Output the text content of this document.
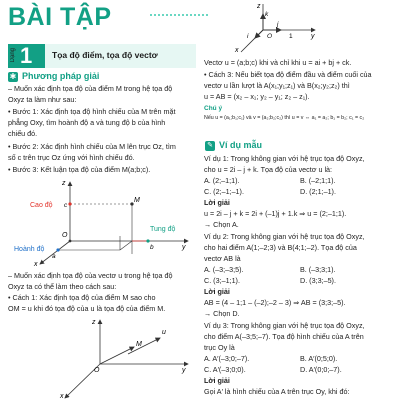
BÀI TẬP
Dạng 1 Tọa độ điểm, tọa độ vectơ
✱ Phương pháp giải
– Muốn xác định tọa độ của điểm M trong hệ tọa độ
Oxyz ta làm như sau:
• Bước 1: Xác định tọa độ hình chiếu của M trên mặt
phẳng Oxy, tìm hoành độ a và tung độ b của hình
chiếu đó.
• Bước 2: Xác định hình chiếu của M lên trục Oz, tìm
số c trên trục Oz ứng với hình chiếu đó.
• Bước 3: Kết luận tọa độ của điểm M(a;b;c).
z
y
x
O
M
c
b
a
Cao độ
Tung độ
Hoành độ
– Muốn xác định tọa độ của vectơ u trong hệ tọa độ
Oxyz ta có thể làm theo cách sau:
• Cách 1: Xác định tọa độ của điểm M sao cho
OM = u khi đó tọa độ của u là tọa độ của điểm M.
u
M
z
y
O
x
z
k
j
i	O	y
x
1
Vectơ u = (a;b;c) khi và chỉ khi u = ai + bj + ck.
• Cách 3: Nếu biết tọa độ điểm đầu và điểm cuối của
vectơ u lần lượt là A(x₁;y₁;z₁) và B(x₂;y₂;z₂) thì
u = AB = (x₂ – x₁; y₂ – y₁; z₂ – z₁).
Chú ý
Nếu u = (a₁;b₁;c₁) và v = (a₂;b₂;c₂) thì u = v ⇔ a₁ = a₂; b₁ = b₂; c₁ = c₂
✎ Ví dụ mẫu
Ví dụ 1: Trong không gian với hệ trục tọa độ Oxyz,
cho u = 2i – j + k. Tọa độ của vectơ u là:
A. (2;–1;1).	B. (–2;1;1).
C. (2;–1;–1).	D. (2;1;–1).
Lời giải
u = 2i – j + k = 2i + (–1)j + 1.k ⇒ u = (2;–1;1).
→ Chọn A.
Ví dụ 2: Trong không gian với hệ trục tọa độ Oxyz,
cho hai điểm A(1;–2;3) và B(4;1;–2). Tọa độ của
vectơ AB là
A. (–3;–3;5).	B. (–3;3;1).
C. (3;–1;1).	D. (3;3;–5).
Lời giải
AB = (4 – 1;1 – (–2);–2 – 3) ⇒ AB = (3;3;–5).
→ Chọn D.
Ví dụ 3: Trong không gian với hệ trục tọa độ Oxyz,
cho điểm A(–3;5;–7). Tọa độ hình chiếu của A trên
trục Oy là
A. A′(–3;0;–7).	B. A′(0;5;0).
C. A′(–3;0;0).	D. A′(0;0;–7).
Lời giải
Gọi A′ là hình chiếu của A trên trục Oy, khi đó:
